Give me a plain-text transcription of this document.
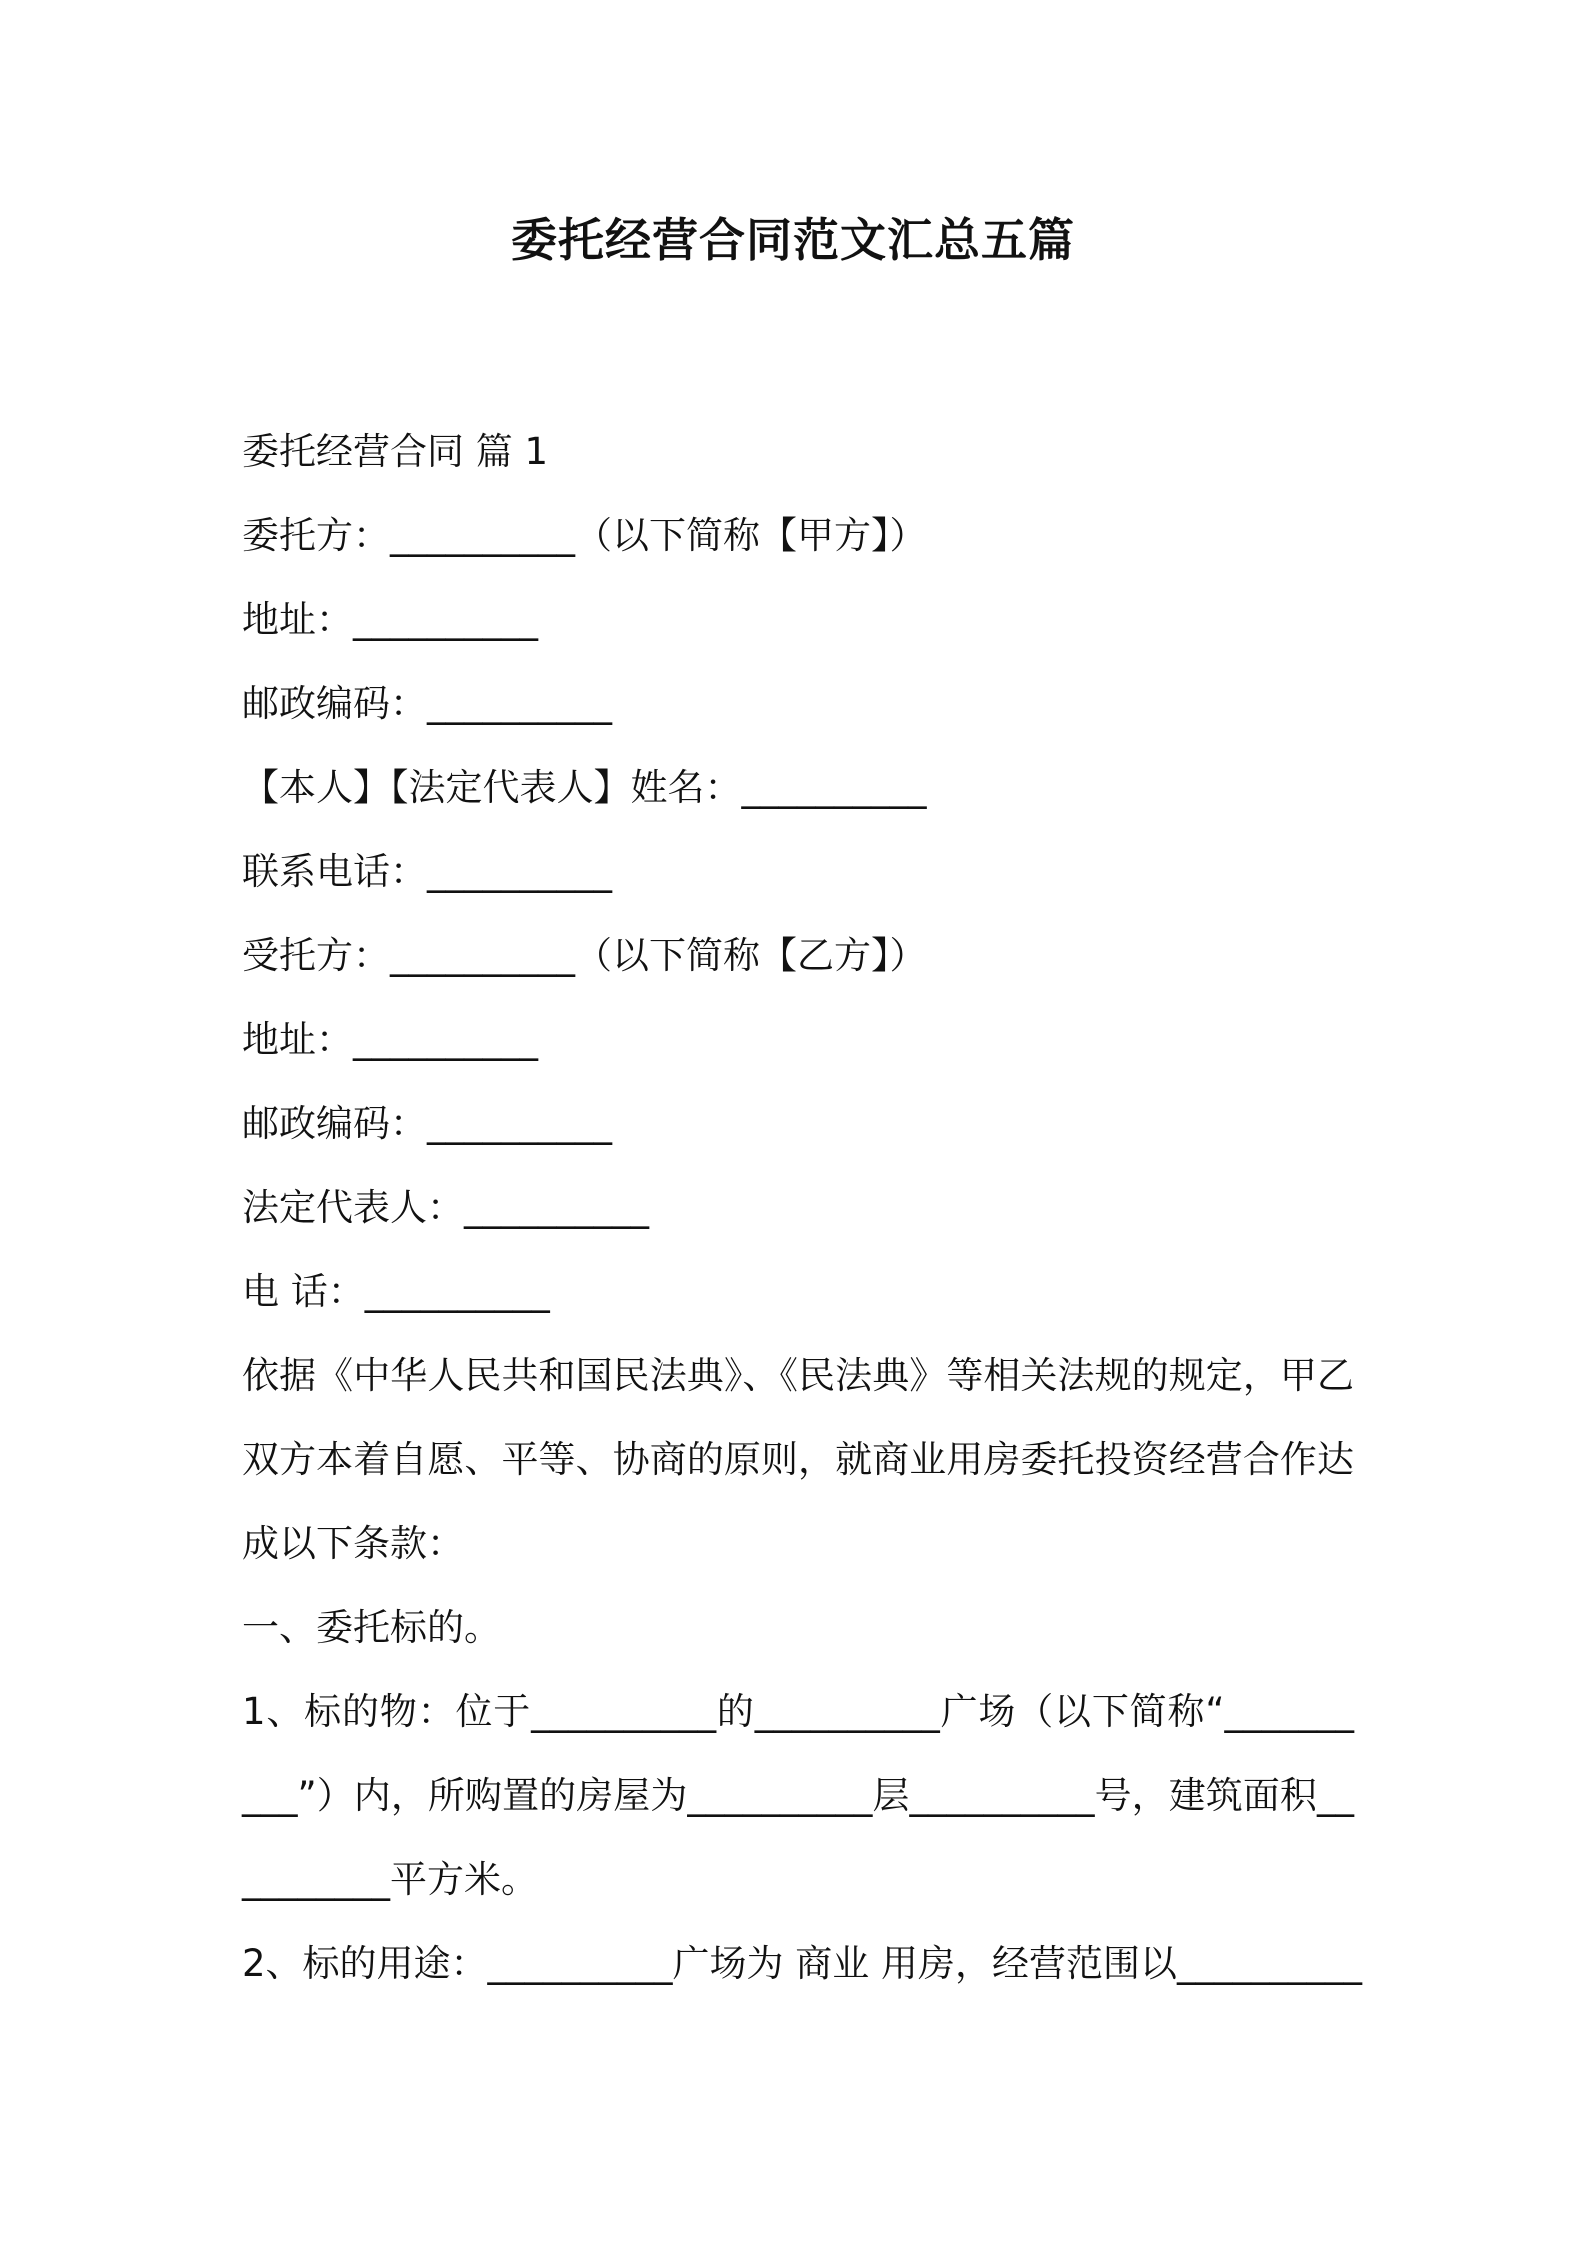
委托经营合同范文汇总五篇

委托经营合同 篇 1

委托方：__________（以下简称【甲方】）

地址：__________

邮政编码：__________

【本人】【法定代表人】姓名：__________

联系电话：__________

受托方：__________（以下简称【乙方】）

地址：__________

邮政编码：__________

法定代表人：__________

电 话：__________

依据《中华人民共和国民法典》、《民法典》等相关法规的规定，甲乙双方本着自愿、平等、协商的原则，就商业用房委托投资经营合作达成以下条款：

一、委托标的。

1、标的物：位于__________的__________广场（以下简称“__________”）内，所购置的房屋为__________层__________号，建筑面积__________平方米。

2、标的用途：__________广场为 商业 用房，经营范围以__________
